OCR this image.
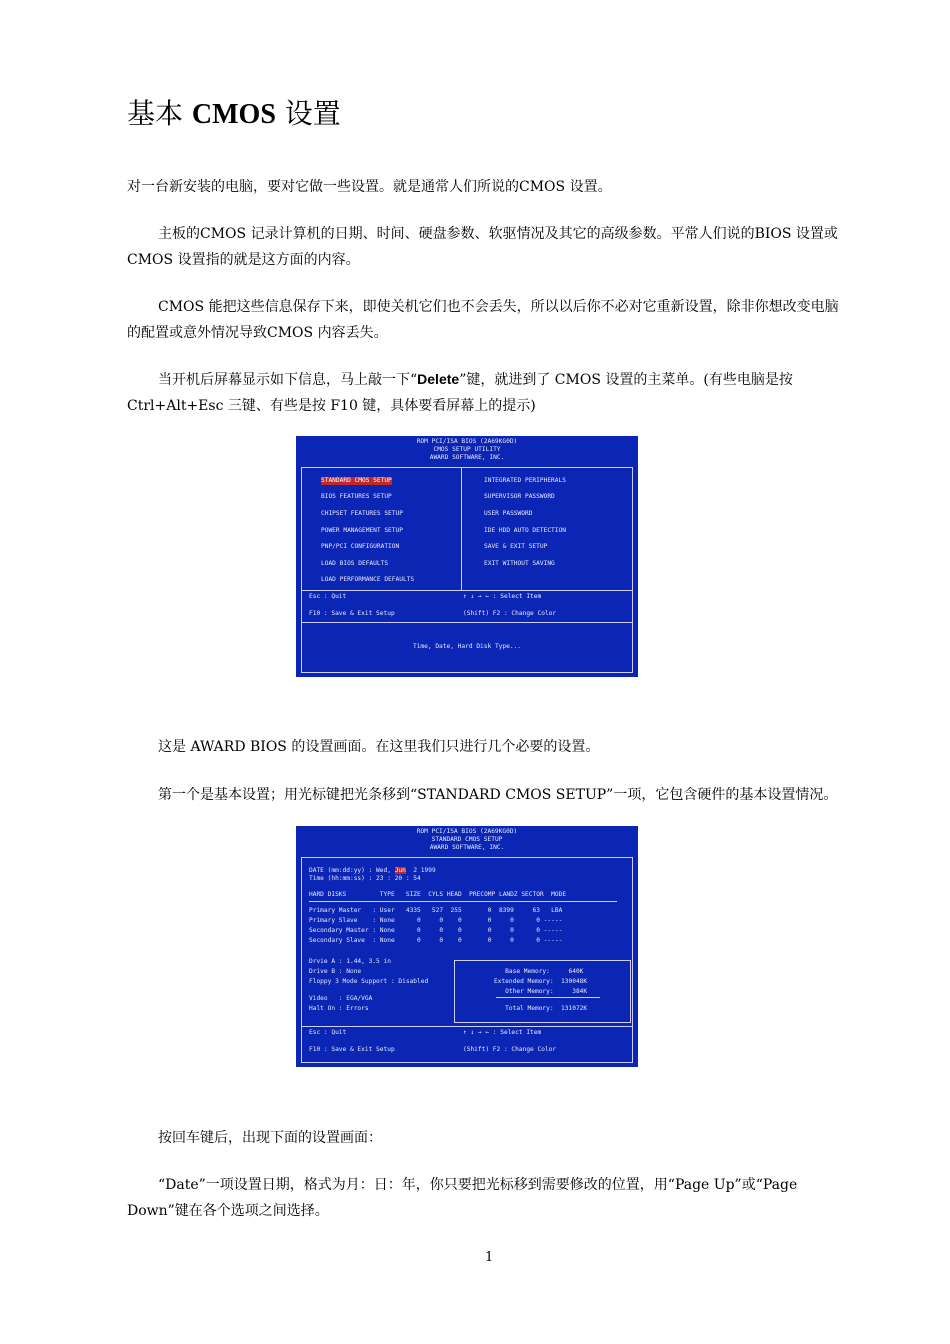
基本 CMOS 设置
对一台新安装的电脑，要对它做一些设置。就是通常人们所说的CMOS 设置。
主板的CMOS 记录计算机的日期、时间、硬盘参数、软驱情况及其它的高级参数。平常人们说的BIOS 设置或 CMOS 设置指的就是这方面的内容。
CMOS 能把这些信息保存下来，即使关机它们也不会丢失，所以以后你不必对它重新设置，除非你想改变电脑的配置或意外情况导致CMOS 内容丢失。
当开机后屏幕显示如下信息，马上敲一下“Delete”键，就进到了 CMOS 设置的主菜单。(有些电脑是按Ctrl+Alt+Esc 三键、有些是按 F10 键，具体要看屏幕上的提示)
ROM PCI/ISA BIOS (2A69KG0D)
CMOS SETUP UTILITY
AWARD SOFTWARE, INC.
STANDARD CMOS SETUP
BIOS FEATURES SETUP
CHIPSET FEATURES SETUP
POWER MANAGEMENT SETUP
PNP/PCI CONFIGURATION
LOAD BIOS DEFAULTS
LOAD PERFORMANCE DEFAULTS
INTEGRATED PERIPHERALS
SUPERVISOR PASSWORD
USER PASSWORD
IDE HDD AUTO DETECTION
SAVE & EXIT SETUP
EXIT WITHOUT SAVING
Esc : Quit	↑ ↓ → ← : Select Item
F10 : Save & Exit Setup	(Shift) F2 : Change Color
Time, Date, Hard Disk Type...
这是 AWARD BIOS 的设置画面。在这里我们只进行几个必要的设置。
第一个是基本设置；用光标键把光条移到“STANDARD CMOS SETUP”一项，它包含硬件的基本设置情况。
ROM PCI/ISA BIOS (2A69KG0D)
STANDARD CMOS SETUP
AWARD SOFTWARE, INC.
DATE (mm:dd:yy) : Wed, Jun  2 1999
Time (hh:mm:ss) : 23 : 20 : 54
HARD DISKS         TYPE   SIZE  CYLS HEAD  PRECOMP LANDZ SECTOR  MODE
Primary Master   : User   4335   527  255       0  8399     63   LBA
Primary Slave    : None      0     0    0       0     0      0 -----
Secondary Master : None      0     0    0       0     0      0 -----
Secondary Slave  : None      0     0    0       0     0      0 -----
Drvie A : 1.44, 3.5 in
Drive B : None
Floppy 3 Mode Support : Disabled
Video   : EGA/VGA
Halt On : Errors
Base Memory:     640K
Extended Memory:  130048K
Other Memory:     384K
Total Memory:  131072K
Esc : Quit	↑ ↓ → ← : Select Item
F10 : Save & Exit Setup	(Shift) F2 : Change Color
按回车键后，出现下面的设置画面：
“Date”一项设置日期，格式为月：日：年，你只要把光标移到需要修改的位置，用“Page Up”或“Page Down”键在各个选项之间选择。
1
